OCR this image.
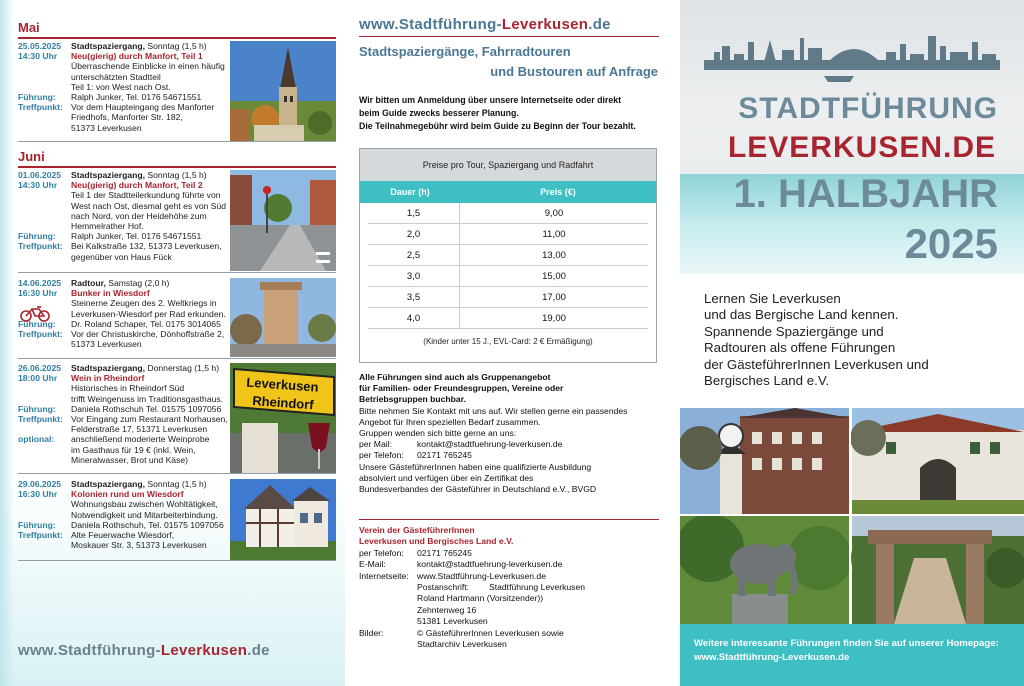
Mai
25.05.2025	Stadtspaziergang, Sonntag (1,5 h)
14:30 Uhr	Neu(gierig) durch Manfort, Teil 1
Überraschende Einblicke in einen häufig
unterschätzten Stadtteil
Teil 1: von West nach Ost.
Führung:	Ralph Junker, Tel. 0176 54671551
Treffpunkt: Vor dem Haupteingang des Manforter
Friedhofs, Manforter Str. 182,
51373 Leverkusen
Juni
01.06.2025	Stadtspaziergang, Sonntag (1,5 h)
14:30 Uhr	Neu(gierig) durch Manfort, Teil 2
Teil 1 der Stadtteilerkundung führte von
West nach Ost, diesmal geht es von Süd
nach Nord, von der Heidehöhe zum
Hemmelrather Hof.
Führung:	Ralph Junker, Tel. 0176 54671551
Treffpunkt: Bei Kalkstraße 132, 51373 Leverkusen,
gegenüber von Haus Fück
14.06.2025	Radtour, Samstag (2,0 h)
16:30 Uhr	Bunker in Wiesdorf
Steinerne Zeugen des 2. Weltkriegs in
Leverkusen-Wiesdorf per Rad erkunden.
Führung:	Dr. Roland Schaper, Tel. 0175 3014065
Treffpunkt: Vor der Christuskirche, Dönhoffstraße 2,
51373 Leverkusen
26.06.2025	Stadtspaziergang, Donnerstag (1,5 h)
18:00 Uhr	Wein in Rheindorf
Historisches in Rheindorf Süd
trifft Weingenuss im Traditionsgasthaus.
Führung:	Daniela Rothschuh Tel. 01575 1097056
Treffpunkt: Vor Eingang zum Restaurant Norhausen,
Felderstraße 17, 51371 Leverkusen
optional:	anschließend moderierte Weinprobe
im Gasthaus für 19 € (inkl. Wein,
Mineralwasser, Brot und Käse)
Leverkusen
Rheindorf
29.06.2025	Stadtspaziergang, Sonntag (1,5 h)
16:30 Uhr	Kolonien rund um Wiesdorf
Wohnungsbau zwischen Wohltätigkeit,
Notwendigkeit und Mitarbeiterbindung.
Führung:	Daniela Rothschuh, Tel. 01575 1097056
Treffpunkt: Alte Feuerwache Wiesdorf,
Moskauer Str. 3, 51373 Leverkusen
www.Stadtführung-Leverkusen.de
www.Stadtführung-Leverkusen.de
Stadtspaziergänge, Fahrradtouren
und Bustouren auf Anfrage
Wir bitten um Anmeldung über unsere Internetseite oder direkt
beim Guide zwecks besserer Planung.
Die Teilnahmegebühr wird beim Guide zu Beginn der Tour bezahlt.
Preise pro Tour, Spaziergang und Radfahrt
Dauer (h)	Preis (€)
1,5	9,00
2,0	11,00
2,5	13,00
3,0	15,00
3,5	17,00
4,0	19,00
(Kinder unter 15 J., EVL-Card: 2 € Ermäßigung)
Alle Führungen sind auch als Gruppenangebot
für Familien- oder Freundesgruppen, Vereine oder
Betriebsgruppen buchbar.
Bitte nehmen Sie Kontakt mit uns auf. Wir stellen gerne ein passendes
Angebot für Ihren speziellen Bedarf zusammen.
Gruppen wenden sich bitte gerne an uns:
per Mail:	kontakt@stadtfuehrung-leverkusen.de
per Telefon:	02171 765245
Unsere GästeführerInnen haben eine qualifizierte Ausbildung
absolviert und verfügen über ein Zertifikat des
Bundesverbandes der Gästeführer in Deutschland e.V., BVGD
Verein der GästeführerInnen
Leverkusen und Bergisches Land e.V.
per Telefon:	02171 765245
E-Mail:	kontakt@stadtfuehrung-leverkusen.de
Internetseite: www.Stadtführung-Leverkusen.de
Postanschrift:	Stadtführung Leverkusen
Roland Hartmann (Vorsitzender))
Zehntenweg 16
51381 Leverkusen
Bilder:	© GästeführerInnen Leverkusen sowie
Stadtarchiv Leverkusen
STADTFÜHRUNG
LEVERKUSEN.DE
1. HALBJAHR
2025
Lernen Sie Leverkusen
und das Bergische Land kennen.
Spannende Spaziergänge und
Radtouren als offene Führungen
der GästeführerInnen Leverkusen und
Bergisches Land e.V.
Weitere interessante Führungen finden Sie auf unserer Homepage:
www.Stadtführung-Leverkusen.de
